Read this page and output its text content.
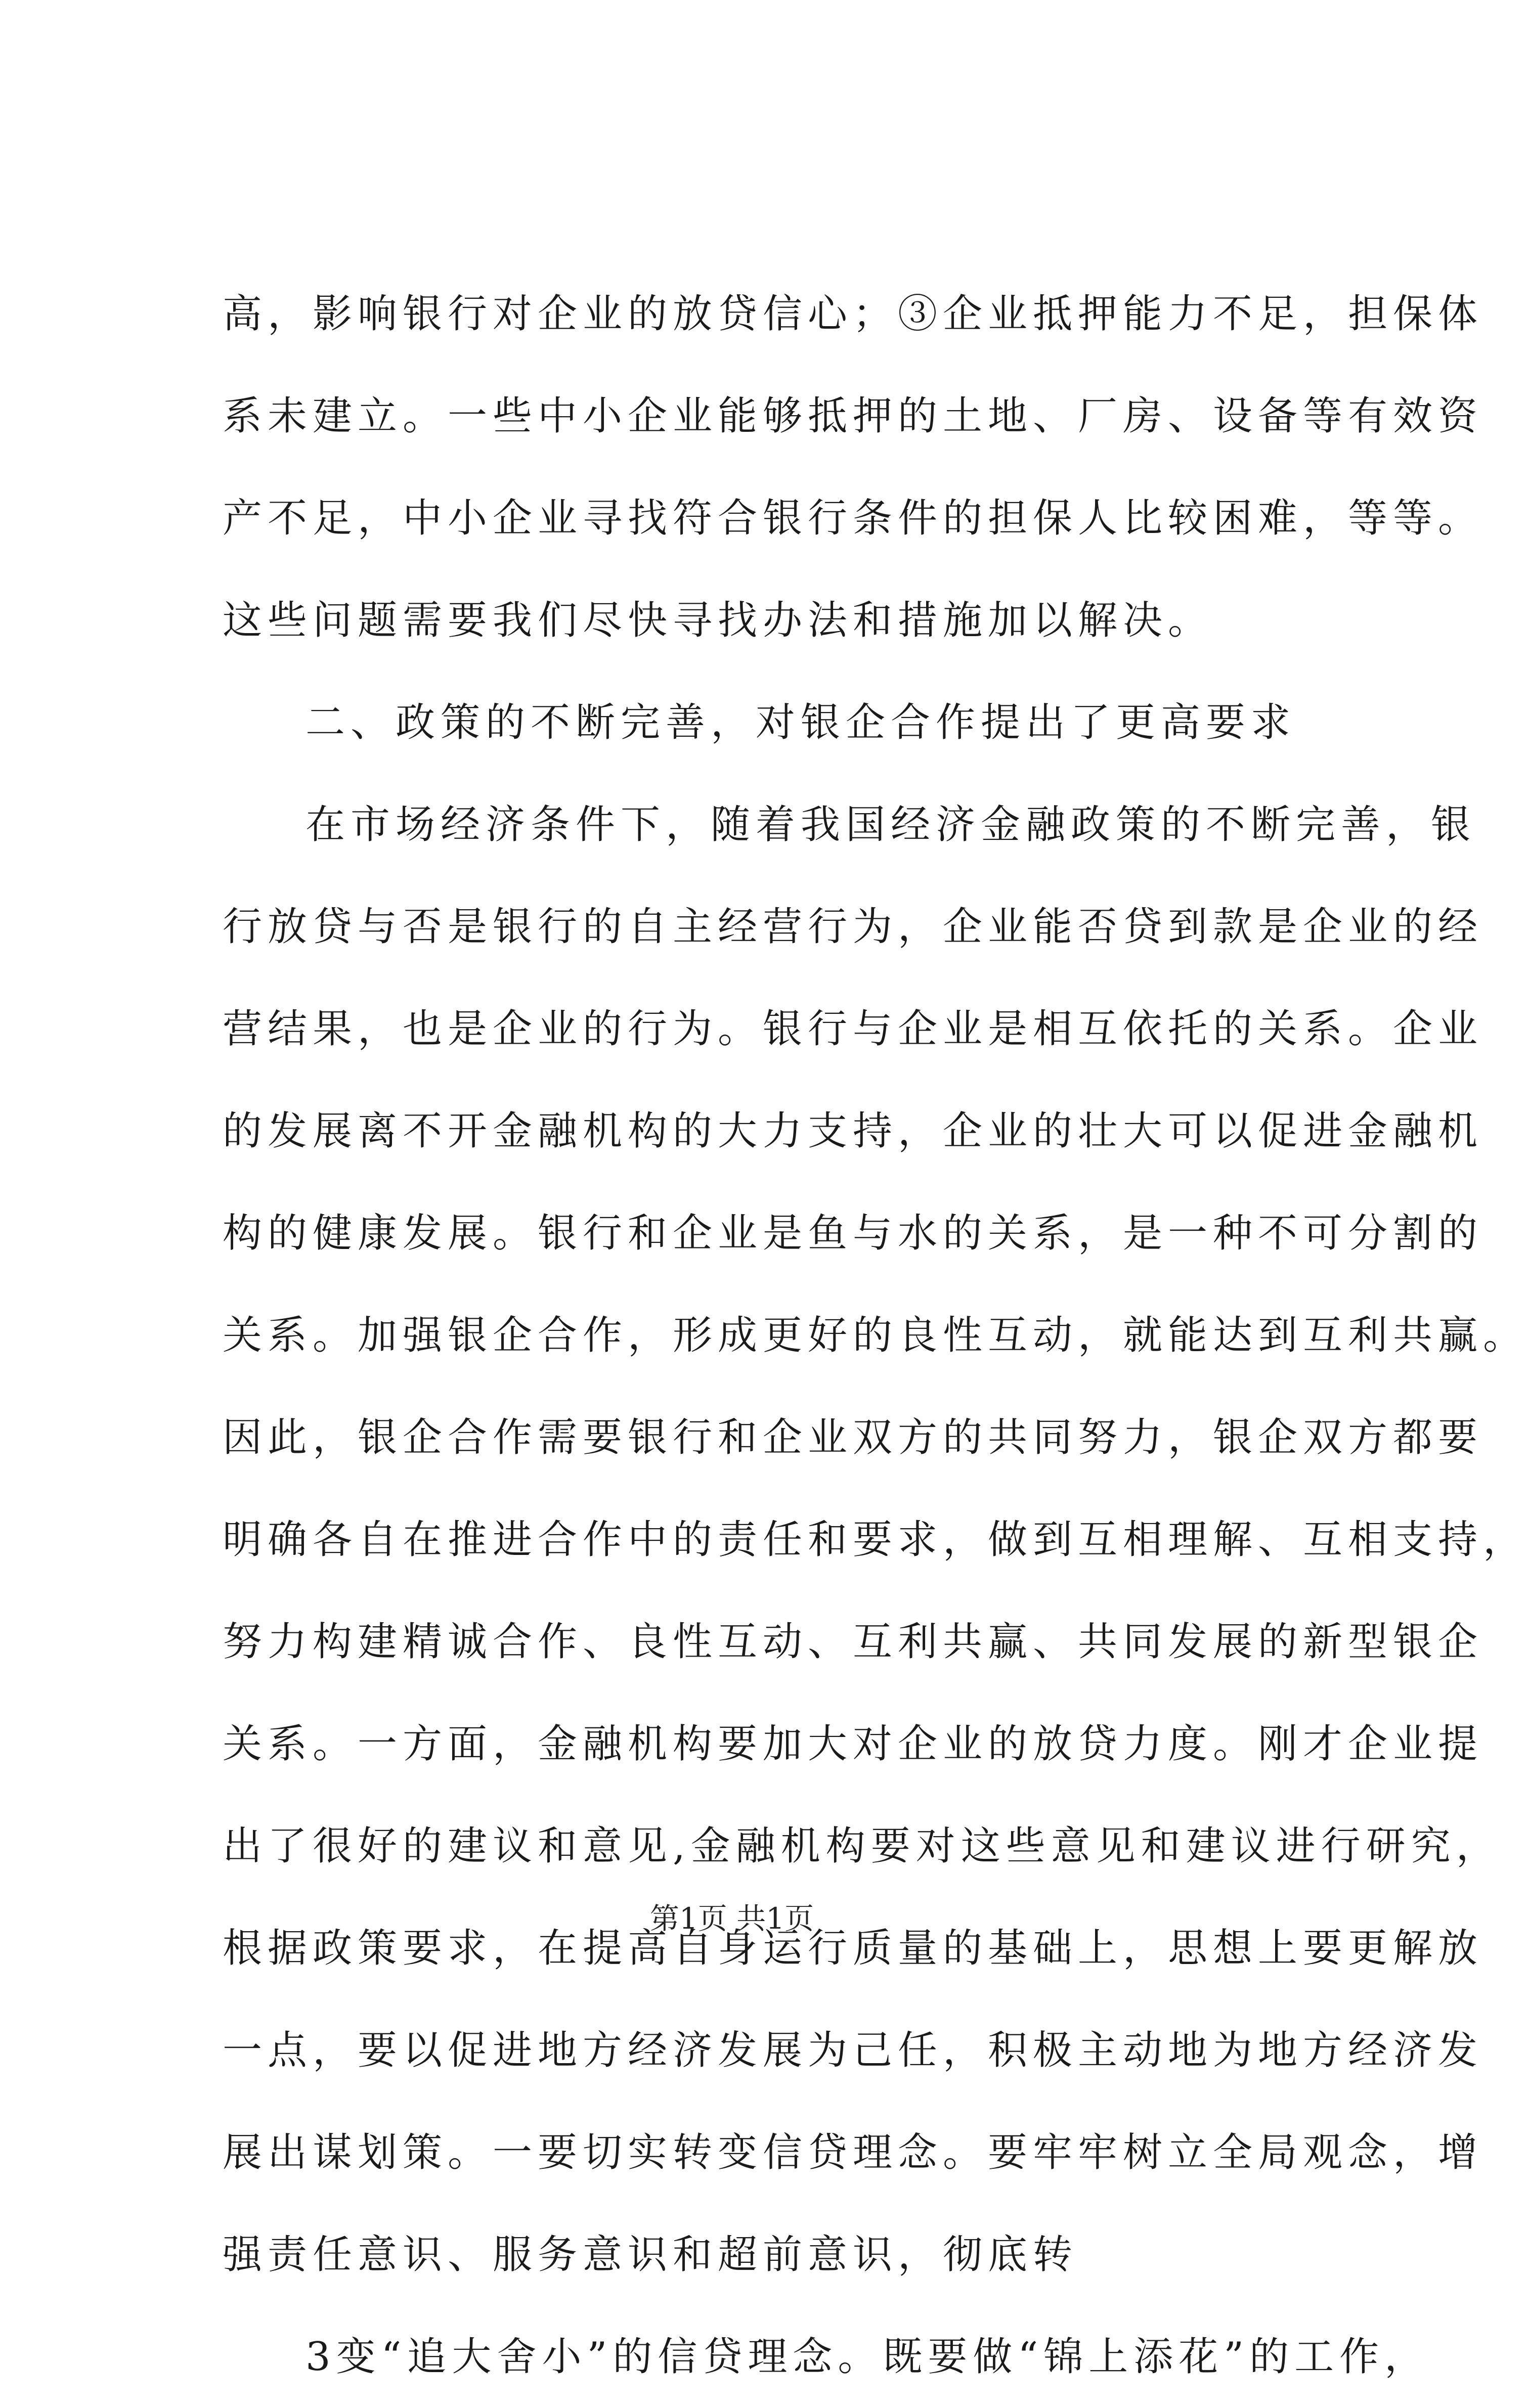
高，影响银行对企业的放贷信心；③企业抵押能力不足，担保体
系未建立。一些中小企业能够抵押的土地、厂房、设备等有效资
产不足，中小企业寻找符合银行条件的担保人比较困难，等等。
这些问题需要我们尽快寻找办法和措施加以解决。
二、政策的不断完善，对银企合作提出了更高要求
在市场经济条件下，随着我国经济金融政策的不断完善，银
行放贷与否是银行的自主经营行为，企业能否贷到款是企业的经
营结果，也是企业的行为。银行与企业是相互依托的关系。企业
的发展离不开金融机构的大力支持，企业的壮大可以促进金融机
构的健康发展。银行和企业是鱼与水的关系，是一种不可分割的
关系。加强银企合作，形成更好的良性互动，就能达到互利共赢。
因此，银企合作需要银行和企业双方的共同努力，银企双方都要
明确各自在推进合作中的责任和要求，做到互相理解、互相支持，
努力构建精诚合作、良性互动、互利共赢、共同发展的新型银企
关系。一方面，金融机构要加大对企业的放贷力度。刚才企业提
出了很好的建议和意见,金融机构要对这些意见和建议进行研究，
根据政策要求，在提高自身运行质量的基础上，思想上要更解放
一点，要以促进地方经济发展为己任，积极主动地为地方经济发
展出谋划策。一要切实转变信贷理念。要牢牢树立全局观念，增
强责任意识、服务意识和超前意识，彻底转
3变“追大舍小”的信贷理念。既要做“锦上添花”的工作，
第1页 共1页
